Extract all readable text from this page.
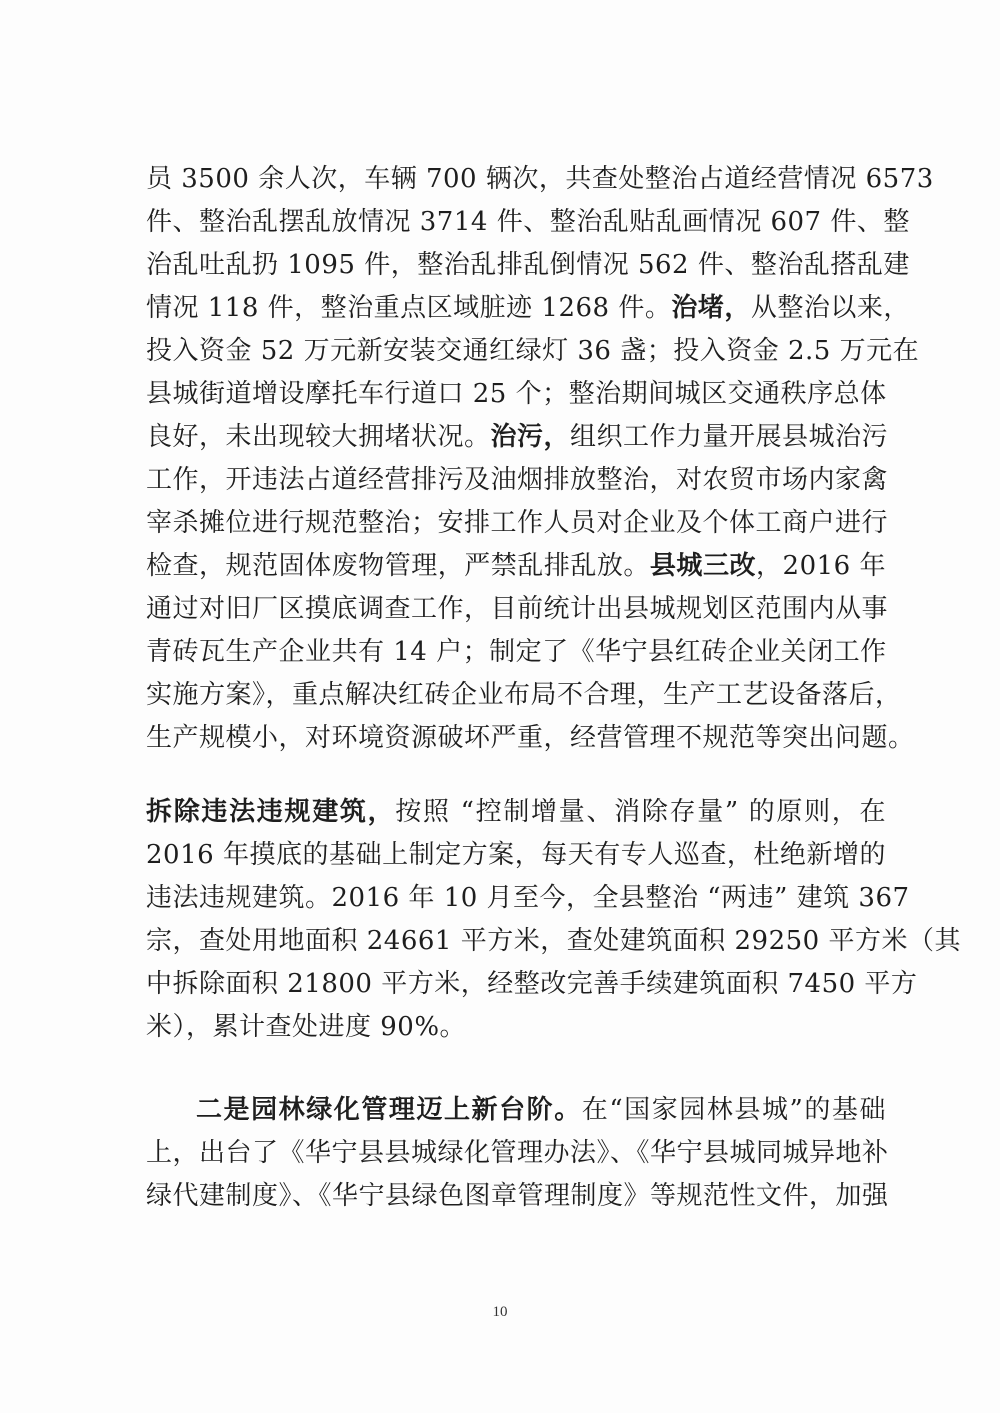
员 3500 余人次，车辆 700 辆次，共查处整治占道经营情况 6573
件、整治乱摆乱放情况 3714 件、整治乱贴乱画情况 607 件、整
治乱吐乱扔 1095 件，整治乱排乱倒情况 562 件、整治乱搭乱建
情况 118 件，整治重点区域脏迹 1268 件。治堵，从整治以来，
投入资金 52 万元新安装交通红绿灯 36 盏；投入资金 2.5 万元在
县城街道增设摩托车行道口 25 个；整治期间城区交通秩序总体
良好，未出现较大拥堵状况。治污，组织工作力量开展县城治污
工作，开违法占道经营排污及油烟排放整治，对农贸市场内家禽
宰杀摊位进行规范整治；安排工作人员对企业及个体工商户进行
检查，规范固体废物管理，严禁乱排乱放。县城三改，2016 年
通过对旧厂区摸底调查工作，目前统计出县城规划区范围内从事
青砖瓦生产企业共有 14 户；制定了《华宁县红砖企业关闭工作
实施方案》，重点解决红砖企业布局不合理，生产工艺设备落后，
生产规模小，对环境资源破坏严重，经营管理不规范等突出问题。
拆除违法违规建筑，按照 “控制增量、消除存量” 的原则，在
2016 年摸底的基础上制定方案，每天有专人巡查，杜绝新增的
违法违规建筑。2016 年 10 月至今，全县整治 “两违” 建筑 367
宗，查处用地面积 24661 平方米，查处建筑面积 29250 平方米（其
中拆除面积 21800 平方米，经整改完善手续建筑面积 7450 平方
米），累计查处进度 90%。
二是园林绿化管理迈上新台阶。在“国家园林县城”的基础
上，出台了《华宁县县城绿化管理办法》、《华宁县城同城异地补
绿代建制度》、《华宁县绿色图章管理制度》等规范性文件，加强
10
